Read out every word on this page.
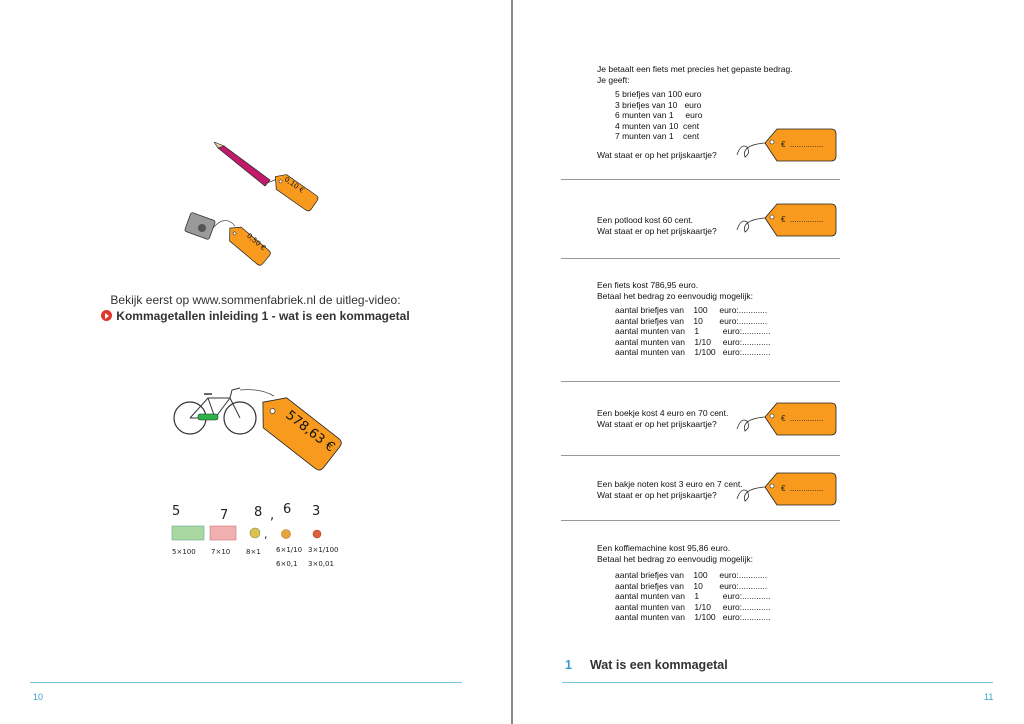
0,10 €
0,50 €
Bekijk eerst op www.sommenfabriek.nl de uitleg-video:
Kommagetallen inleiding 1 - wat is een kommagetal
578,63 €
5	7 8 , 6 3
,
5×100 7×10 8×1 6×1/10 3×1/100
6×0,1 3×0,01
10
Je betaalt een fiets met precies het gepaste bedrag.
Je geeft:
5 briefjes van 100 euro
3 briefjes van 10   euro
6 munten van 1     euro
4 munten van 10  cent
7 munten van 1    cent
Wat staat er op het prijskaartje?
€  ...............
Een potlood kost 60 cent.
Wat staat er op het prijskaartje?
€  ...............
Een fiets kost 786,95 euro.
Betaal het bedrag zo eenvoudig mogelijk:
aantal briefjes van    100     euro:............
aantal briefjes van    10       euro:............
aantal munten van    1          euro:............
aantal munten van    1/10     euro:............
aantal munten van    1/100   euro:............
Een boekje kost 4 euro en 70 cent.
Wat staat er op het prijskaartje?	€  ...............
Een bakje noten kost 3 euro en 7 cent.
Wat staat er op het prijskaartje?
€  ...............
Een koffiemachine kost 95,86 euro.
Betaal het bedrag zo eenvoudig mogelijk:
aantal briefjes van    100     euro:............
aantal briefjes van    10       euro:............
aantal munten van    1          euro:............
aantal munten van    1/10     euro:............
aantal munten van    1/100   euro:............
1 Wat is een kommagetal
11
